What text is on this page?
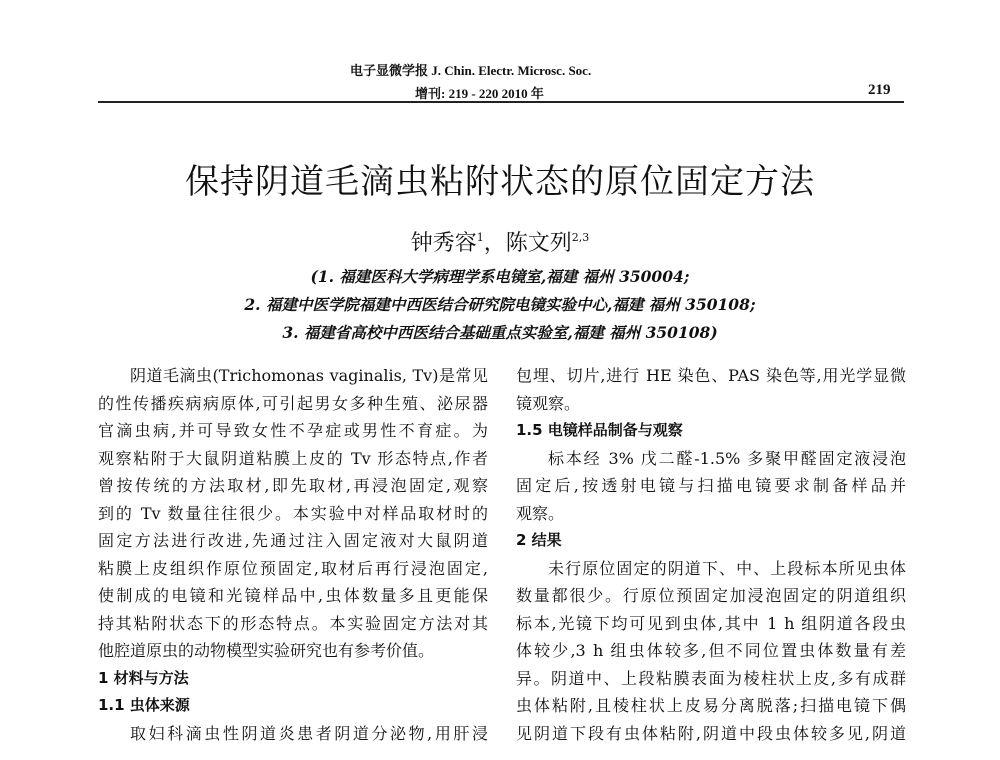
电子显微学报 J. Chin. Electr. Microsc. Soc.
增刊: 219 - 220 2010 年	219
保持阴道毛滴虫粘附状态的原位固定方法
钟秀容$^1$，陈文列$^{2,3}$
(1. 福建医科大学病理学系电镜室,福建 福州 350004;
2. 福建中医学院福建中西医结合研究院电镜实验中心,福建 福州 350108;
3. 福建省高校中西医结合基础重点实验室,福建 福州 350108)

阴道毛滴虫(Trichomonas vaginalis, Tv)是常见

的性传播疾病病原体,可引起男女多种生殖、泌尿器

官滴虫病,并可导致女性不孕症或男性不育症。为

观察粘附于大鼠阴道粘膜上皮的 Tv 形态特点,作者

曾按传统的方法取材,即先取材,再浸泡固定,观察

到的 Tv 数量往往很少。本实验中对样品取材时的

固定方法进行改进,先通过注入固定液对大鼠阴道

粘膜上皮组织作原位预固定,取材后再行浸泡固定,

使制成的电镜和光镜样品中,虫体数量多且更能保

持其粘附状态下的形态特点。本实验固定方法对其

他腔道原虫的动物模型实验研究也有参考价值。

1 材料与方法

1.1 虫体来源

取妇科滴虫性阴道炎患者阴道分泌物,用肝浸

包埋、切片,进行 HE 染色、PAS 染色等,用光学显微

镜观察。

1.5 电镜样品制备与观察

标本经 3% 戊二醛-1.5% 多聚甲醛固定液浸泡

固定后,按透射电镜与扫描电镜要求制备样品并

观察。

2 结果

未行原位固定的阴道下、中、上段标本所见虫体

数量都很少。行原位预固定加浸泡固定的阴道组织

标本,光镜下均可见到虫体,其中 1 h 组阴道各段虫

体较少,3 h 组虫体较多,但不同位置虫体数量有差

异。阴道中、上段粘膜表面为棱柱状上皮,多有成群

虫体粘附,且棱柱状上皮易分离脱落;扫描电镜下偶

见阴道下段有虫体粘附,阴道中段虫体较多见,阴道
